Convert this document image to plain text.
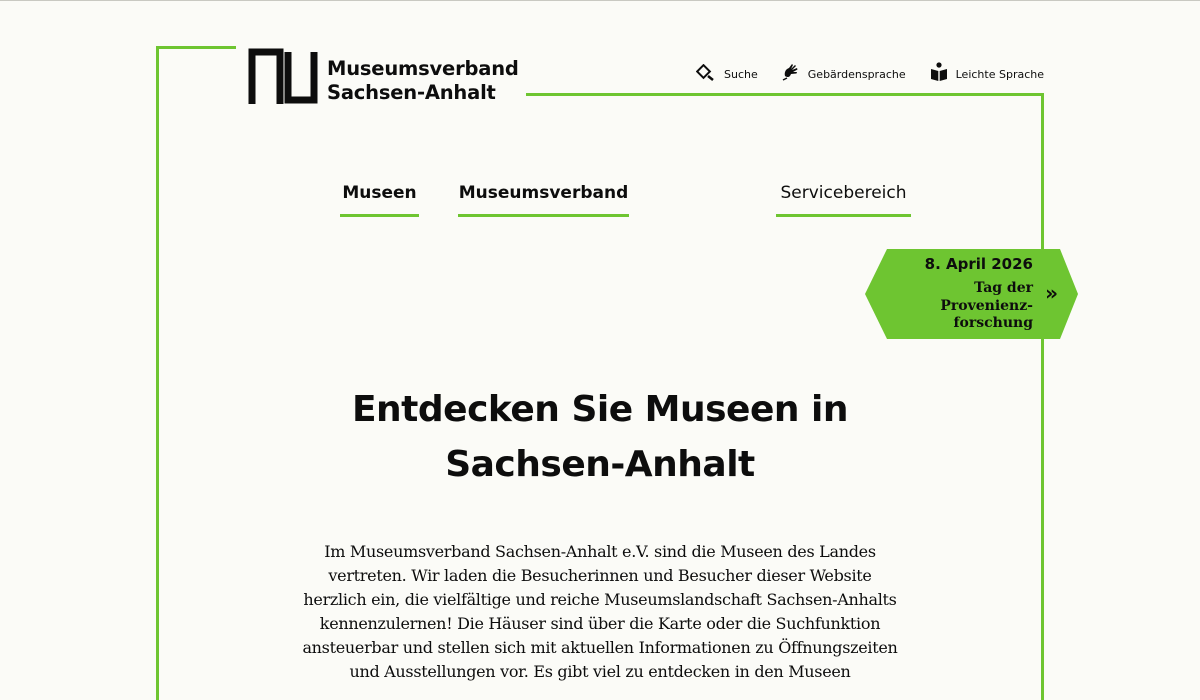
Museumsverband
Sachsen-Anhalt
Suche	Gebärdensprache	Leichte Sprache
Museen Museumsverband	Servicebereich
8. April 2026
Tag der Provenienz-forschung
»
Entdecken Sie Museen in Sachsen-Anhalt

Im Museumsverband Sachsen-Anhalt e.V. sind die Museen des Landes vertreten. Wir laden die Besucherinnen und Besucher dieser Website herzlich ein, die vielfältige und reiche Museumslandschaft Sachsen-Anhalts kennenzulernen! Die Häuser sind über die Karte oder die Suchfunktion ansteuerbar und stellen sich mit aktuellen Informationen zu Öffnungszeiten und Ausstellungen vor. Es gibt viel zu entdecken in den Museen
